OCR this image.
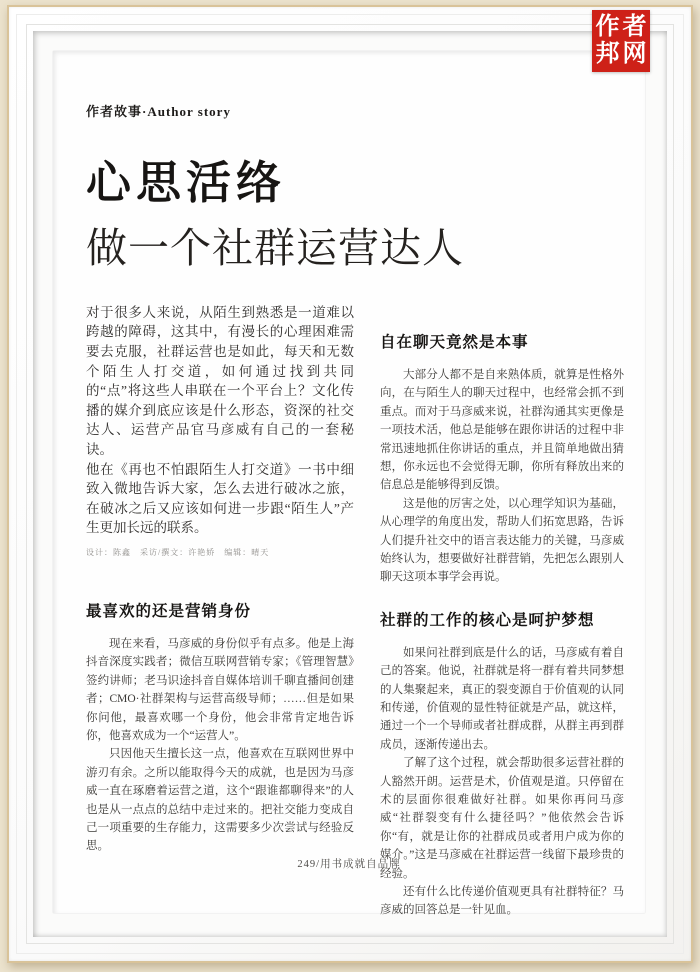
作者故事·Author story
心思活络
做一个社群运营达人

对于很多人来说，从陌生到熟悉是一道难以跨越的障碍，这其中，有漫长的心理困难需要去克服，社群运营也是如此，每天和无数个陌生人打交道，如何通过找到共同的“点”将这些人串联在一个平台上？文化传播的媒介到底应该是什么形态，资深的社交达人、运营产品官马彦威有自己的一套秘诀。

他在《再也不怕跟陌生人打交道》一书中细致入微地告诉大家，怎么去进行破冰之旅，在破冰之后又应该如何进一步跟“陌生人”产生更加长远的联系。

设计：陈鑫　采访/撰文：许艳娇　编辑：晴天
最喜欢的还是营销身份

现在来看，马彦威的身份似乎有点多。他是上海抖音深度实践者；微信互联网营销专家；《管理智慧》签约讲师；老马识途抖音自媒体培训千聊直播间创建者；CMO·社群架构与运营高级导师；……但是如果你问他，最喜欢哪一个身份，他会非常肯定地告诉你，他喜欢成为一个“运营人”。

只因他天生擅长这一点，他喜欢在互联网世界中游刃有余。之所以能取得今天的成就，也是因为马彦威一直在琢磨着运营之道，这个“跟谁都聊得来”的人也是从一点点的总结中走过来的。把社交能力变成自己一项重要的生存能力，这需要多少次尝试与经验反思。

自在聊天竟然是本事

大部分人都不是自来熟体质，就算是性格外向，在与陌生人的聊天过程中，也经常会抓不到重点。而对于马彦威来说，社群沟通其实更像是一项技术活，他总是能够在跟你讲话的过程中非常迅速地抓住你讲话的重点，并且简单地做出猜想，你永远也不会觉得无聊，你所有释放出来的信息总是能够得到反馈。

这是他的厉害之处，以心理学知识为基础，从心理学的角度出发，帮助人们拓宽思路，告诉人们提升社交中的语言表达能力的关键，马彦威始终认为，想要做好社群营销，先把怎么跟别人聊天这项本事学会再说。

社群的工作的核心是呵护梦想

如果问社群到底是什么的话，马彦威有着自己的答案。他说，社群就是将一群有着共同梦想的人集聚起来，真正的裂变源自于价值观的认同和传递，价值观的显性特征就是产品，就这样，通过一个一个导师或者社群成群，从群主再到群成员，逐渐传递出去。

了解了这个过程，就会帮助很多运营社群的人豁然开朗。运营是术，价值观是道。只停留在术的层面你很难做好社群。如果你再问马彦威“社群裂变有什么捷径吗？”他依然会告诉你“有，就是让你的社群成员或者用户成为你的媒介。”这是马彦威在社群运营一线留下最珍贵的经验。

还有什么比传递价值观更具有社群特征？马彦威的回答总是一针见血。

249/用书成就自品牌
作者
邦网
